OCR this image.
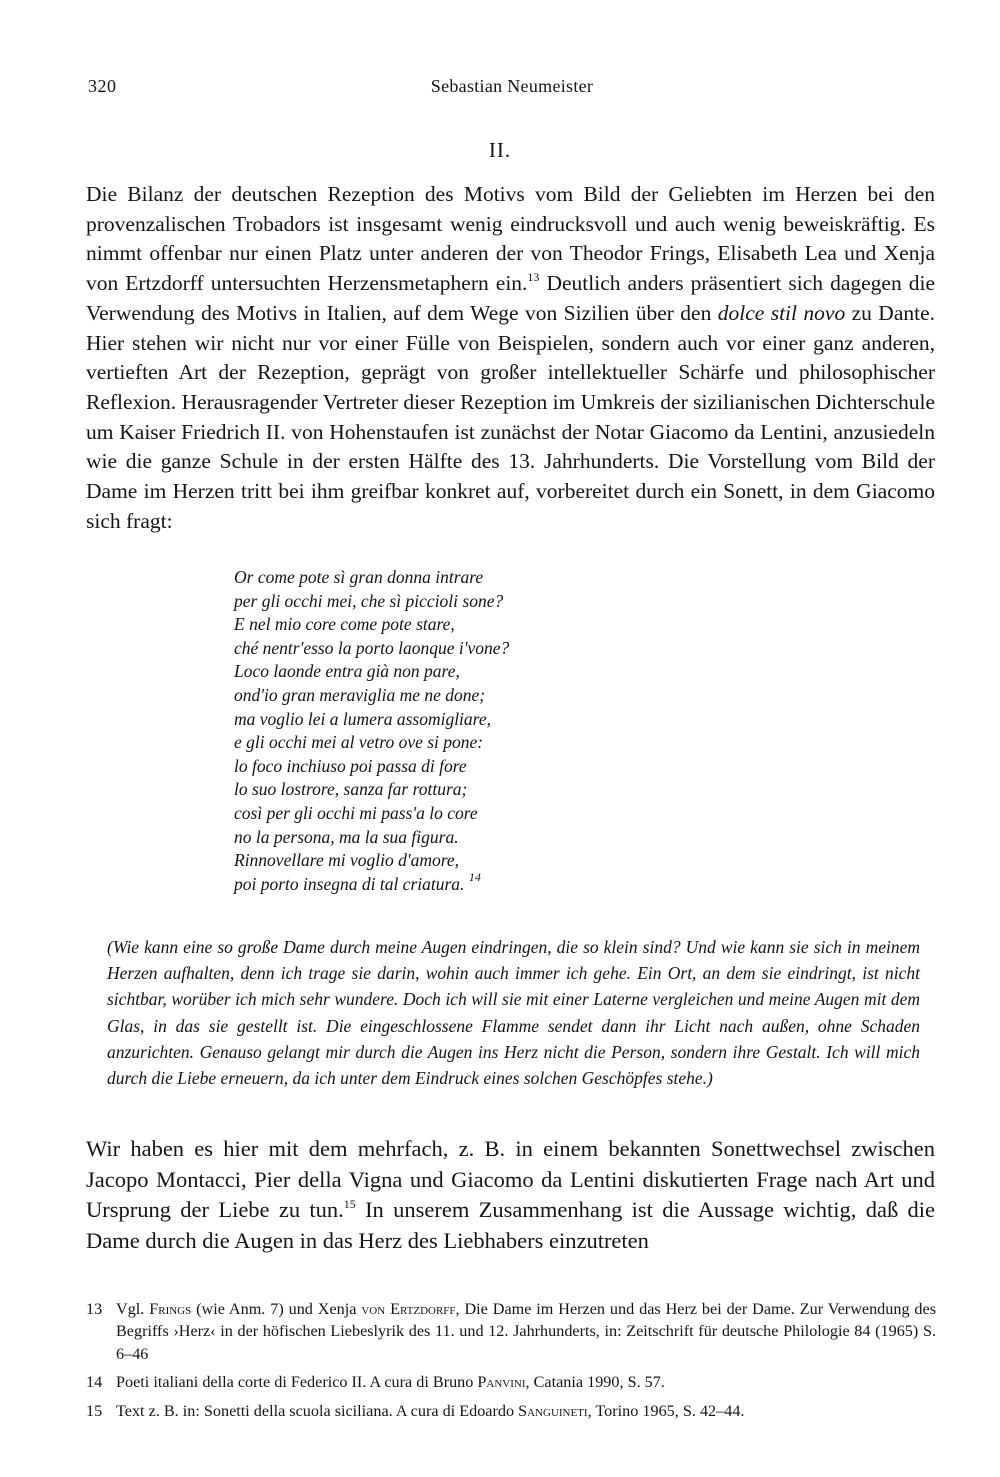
320	Sebastian Neumeister
II.

Die Bilanz der deutschen Rezeption des Motivs vom Bild der Geliebten im Herzen bei den provenzalischen Trobadors ist insgesamt wenig eindrucksvoll und auch wenig beweiskräftig. Es nimmt offenbar nur einen Platz unter anderen der von Theodor Frings, Elisabeth Lea und Xenja von Ertzdorff untersuchten Herzensmetaphern ein.$^{13}$ Deutlich anders präsentiert sich dagegen die Verwendung des Motivs in Italien, auf dem Wege von Sizilien über den dolce stil novo zu Dante. Hier stehen wir nicht nur vor einer Fülle von Beispielen, sondern auch vor einer ganz anderen, vertieften Art der Rezeption, geprägt von großer intellektueller Schärfe und philosophischer Reflexion. Herausragender Vertreter dieser Rezeption im Umkreis der sizilianischen Dichterschule um Kaiser Friedrich II. von Hohenstaufen ist zunächst der Notar Giacomo da Lentini, anzusiedeln wie die ganze Schule in der ersten Hälfte des 13. Jahrhunderts. Die Vorstellung vom Bild der Dame im Herzen tritt bei ihm greifbar konkret auf, vorbereitet durch ein Sonett, in dem Giacomo sich fragt:

Or come pote sì gran donna intrare
per gli occhi mei, che sì piccioli sone?
E nel mio core come pote stare,
ché nentr'esso la porto laonque i'vone?
Loco laonde entra già non pare,
ond'io gran meraviglia me ne done;
ma voglio lei a lumera assomigliare,
e gli occhi mei al vetro ove si pone:
lo foco inchiuso poi passa di fore
lo suo lostrore, sanza far rottura;
così per gli occhi mi pass'a lo core
no la persona, ma la sua figura.
Rinnovellare mi voglio d'amore,
poi porto insegna di tal criatura. $^{14}$

(Wie kann eine so große Dame durch meine Augen eindringen, die so klein sind? Und wie kann sie sich in meinem Herzen aufhalten, denn ich trage sie darin, wohin auch immer ich gehe. Ein Ort, an dem sie eindringt, ist nicht sichtbar, worüber ich mich sehr wundere. Doch ich will sie mit einer Laterne vergleichen und meine Augen mit dem Glas, in das sie gestellt ist. Die eingeschlossene Flamme sendet dann ihr Licht nach außen, ohne Schaden anzurichten. Genauso gelangt mir durch die Augen ins Herz nicht die Person, sondern ihre Gestalt. Ich will mich durch die Liebe erneuern, da ich unter dem Eindruck eines solchen Geschöpfes stehe.)

Wir haben es hier mit dem mehrfach, z. B. in einem bekannten Sonettwechsel zwischen Jacopo Montacci, Pier della Vigna und Giacomo da Lentini diskutierten Frage nach Art und Ursprung der Liebe zu tun.$^{15}$ In unserem Zusammenhang ist die Aussage wichtig, daß die Dame durch die Augen in das Herz des Liebhabers einzutreten

13 Vgl. Frings (wie Anm. 7) und Xenja von Ertzdorff, Die Dame im Herzen und das Herz bei der Dame. Zur Verwendung des Begriffs ›Herz‹ in der höfischen Liebeslyrik des 11. und 12. Jahrhunderts, in: Zeitschrift für deutsche Philologie 84 (1965) S. 6–46
14 Poeti italiani della corte di Federico II. A cura di Bruno Panvini, Catania 1990, S. 57.
15 Text z. B. in: Sonetti della scuola siciliana. A cura di Edoardo Sanguineti, Torino 1965, S. 42–44.
